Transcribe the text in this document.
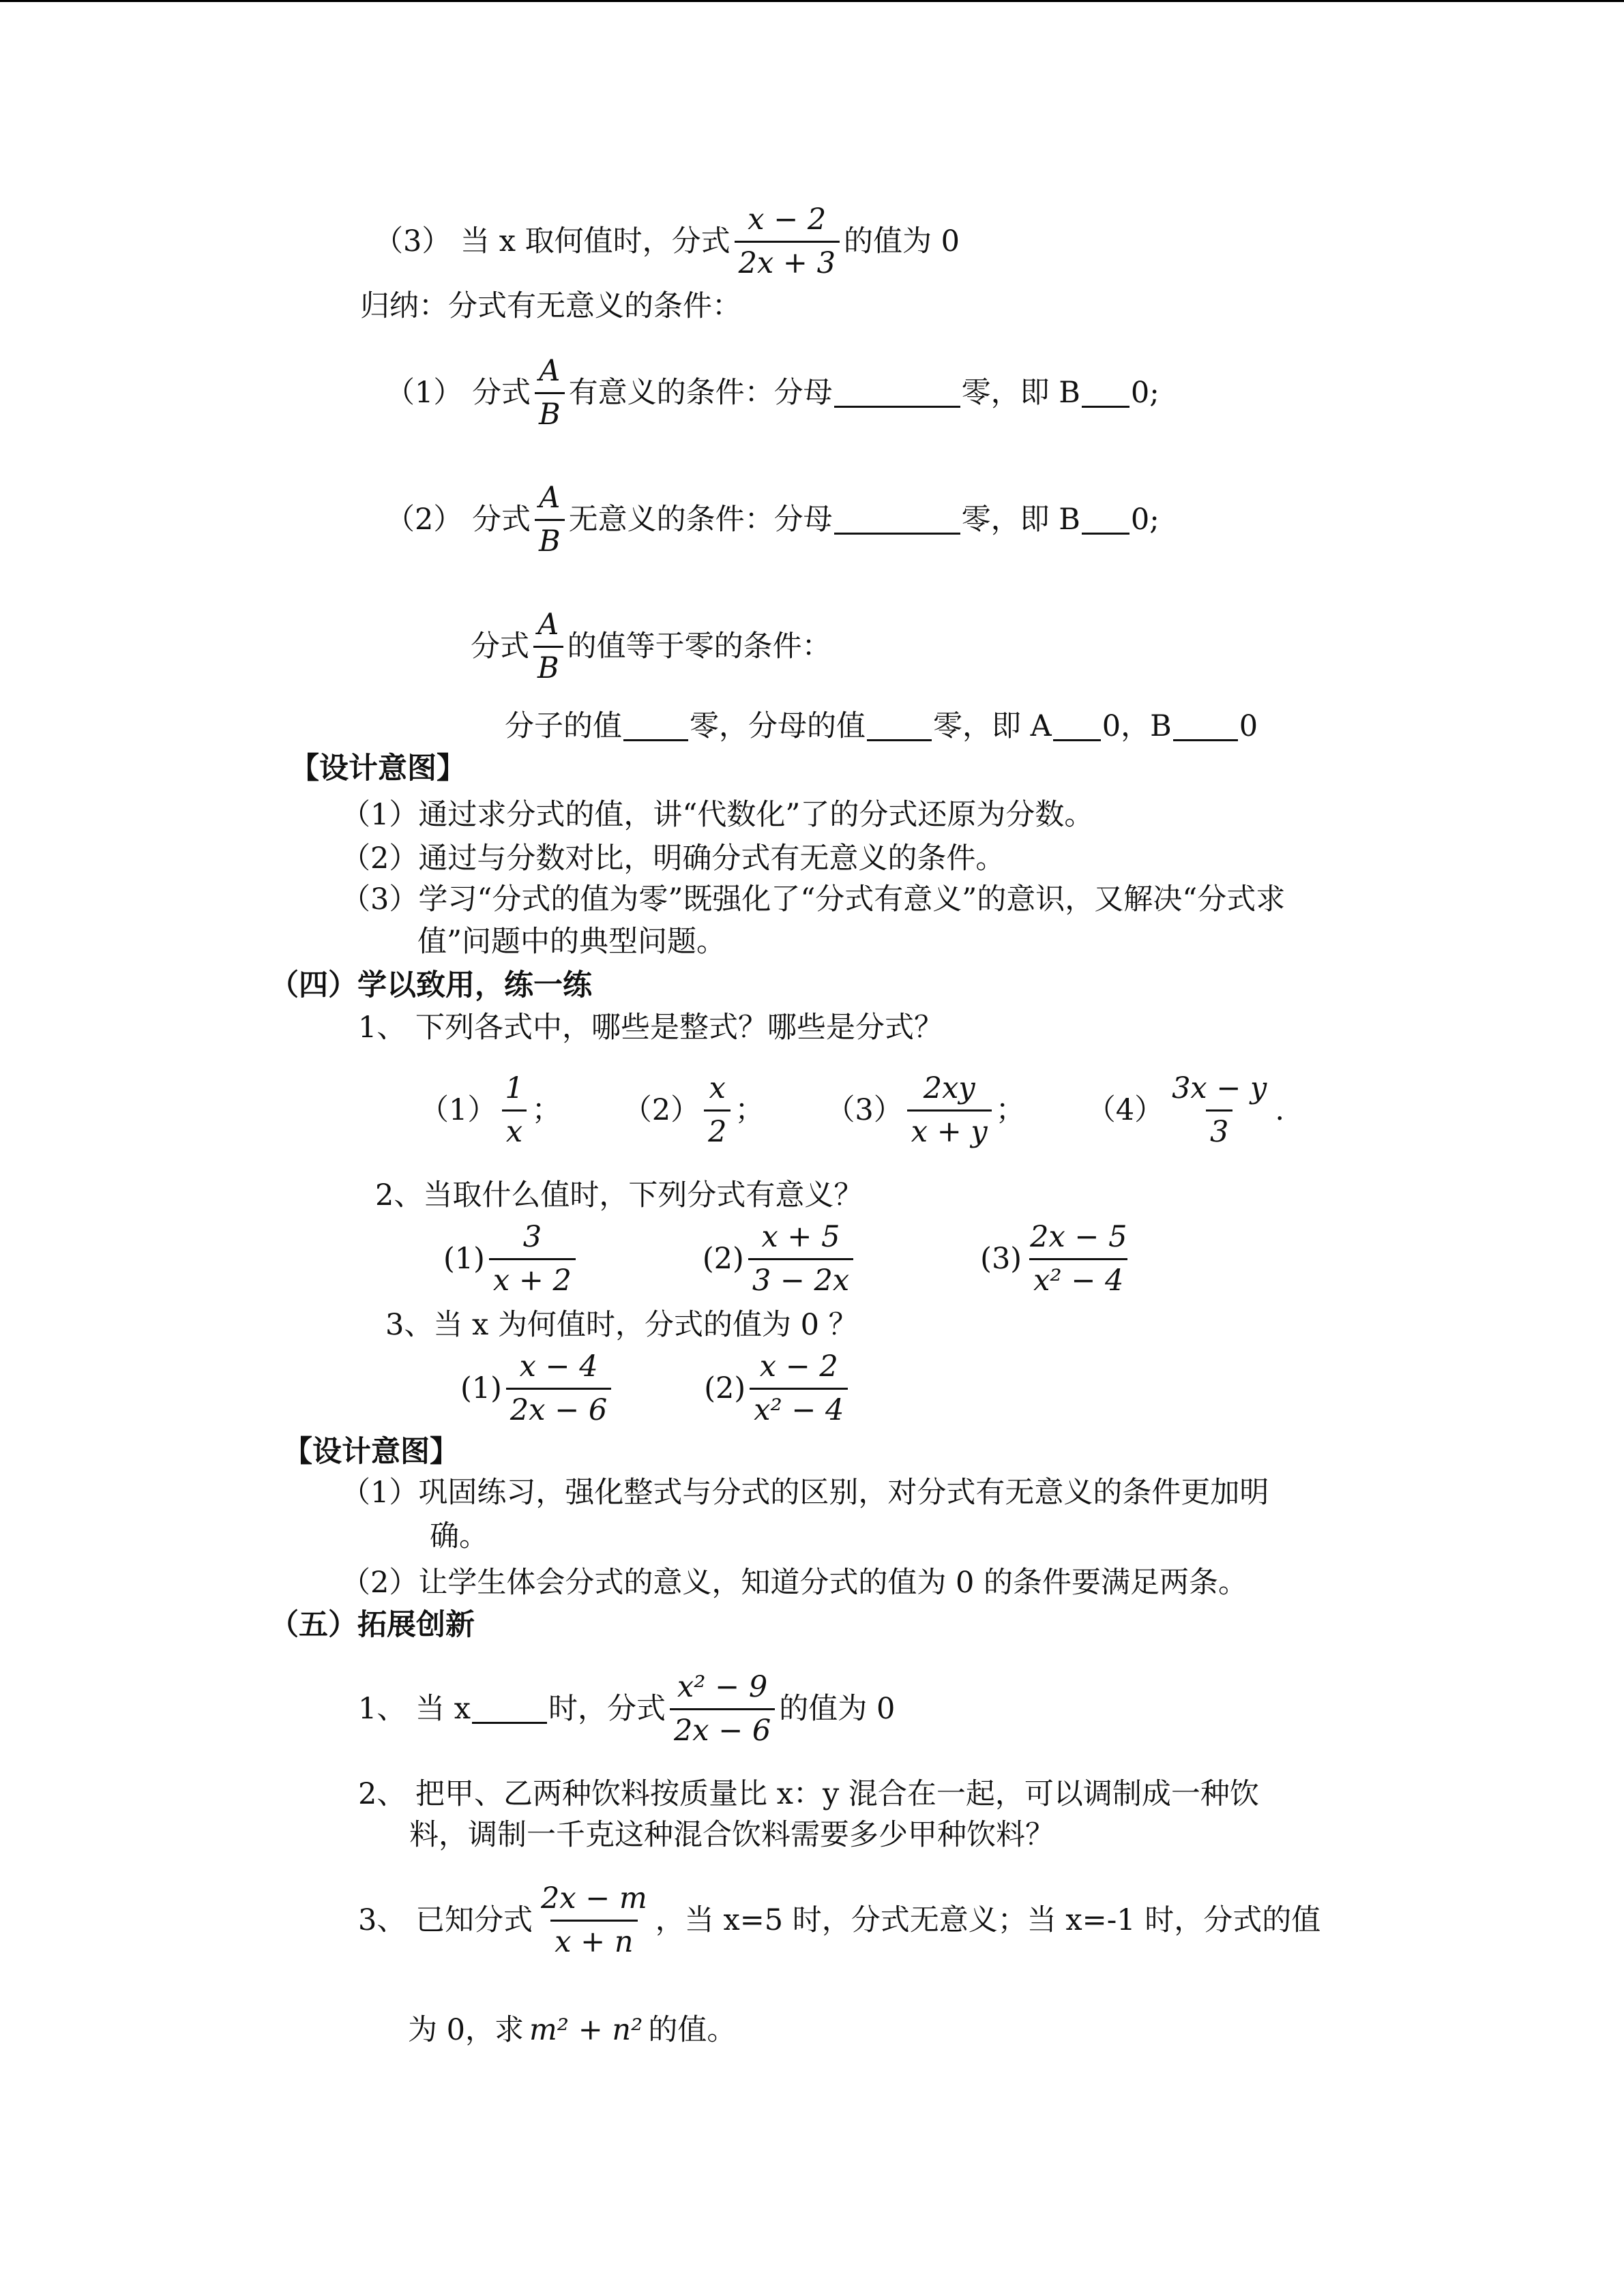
（3） 当 x 取何值时，分式 $\frac{x - 2}{2x + 3}$ 的值为 0
归纳：分式有无意义的条件：
（1） 分式 $\frac{A}{B}$ 有意义的条件：分母	零，即 B 0;
（2） 分式 $\frac{A}{B}$ 无意义的条件：分母	零，即 B 0;
分式 $\frac{A}{B}$ 的值等于零的条件：
分子的值 零，分母的值 零，即 A 0，B 0
【设计意图】
（1）通过求分式的值，讲“代数化”了的分式还原为分数。
（2）通过与分数对比，明确分式有无意义的条件。
（3）学习“分式的值为零”既强化了“分式有意义”的意识，又解决“分式求
值”问题中的典型问题。
（四）学以致用，练一练
1、 下列各式中，哪些是整式？哪些是分式？
$(1) \frac{1}{x}$ ； $(2) \frac{x}{2}$ ； $(3) \frac{2xy}{x + y}$ ； $(4) \frac{3x - y}{3}$ .
2、当取什么值时，下列分式有意义？
$(1) \frac{3}{x + 2}$	$(2) \frac{x + 5}{3 - 2x}$	$(3) \frac{2x - 5}{\text{x² − 4}}$
3、当 x 为何值时，分式的值为 0 ？
$(1) \frac{x - 4}{2x - 6}$	$(2) \frac{x - 2}{\text{x² − 4}}$
【设计意图】
（1）巩固练习，强化整式与分式的区别，对分式有无意义的条件更加明
确。
（2）让学生体会分式的意义，知道分式的值为 0 的条件要满足两条。
（五）拓展创新
1、 当 x	时，分式 $\frac{\text{x² − 9}}{2x - 6}$ 的值为 0
2、 把甲、乙两种饮料按质量比 x：y 混合在一起，可以调制成一种饮
料，调制一千克这种混合饮料需要多少甲种饮料？
3、 已知分式 $\frac{2x - m}{x + n}$ ，当 x=5 时，分式无意义；当 x=-1 时，分式的值
为 0，求 m² + n² 的值。
